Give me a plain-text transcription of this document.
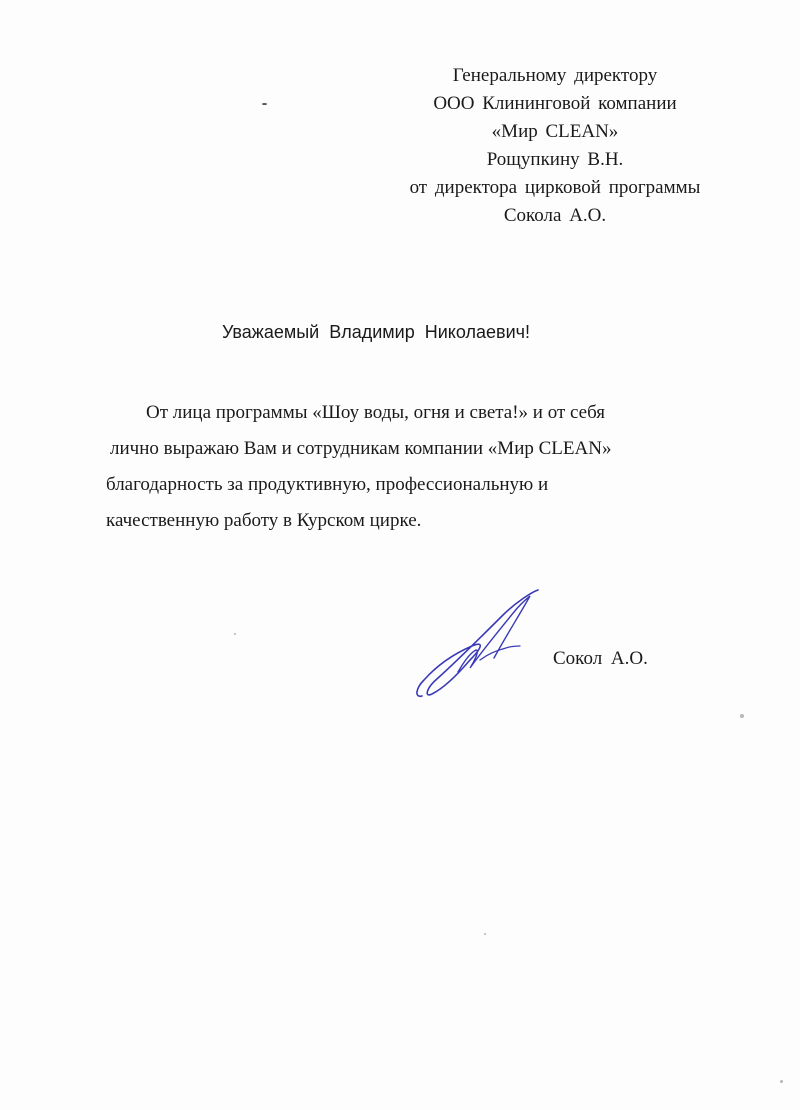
Генеральному директору
ООО Клининговой компании
«Мир CLEAN»
Рощупкину В.Н.
от директора цирковой программы
Сокола А.О.
Уважаемый Владимир Николаевич!
От лица программы «Шоу воды, огня и света!» и от себя
лично выражаю Вам и сотрудникам компании «Мир CLEAN»
благодарность за продуктивную, профессиональную и
качественную работу в Курском цирке.
Сокол А.О.
